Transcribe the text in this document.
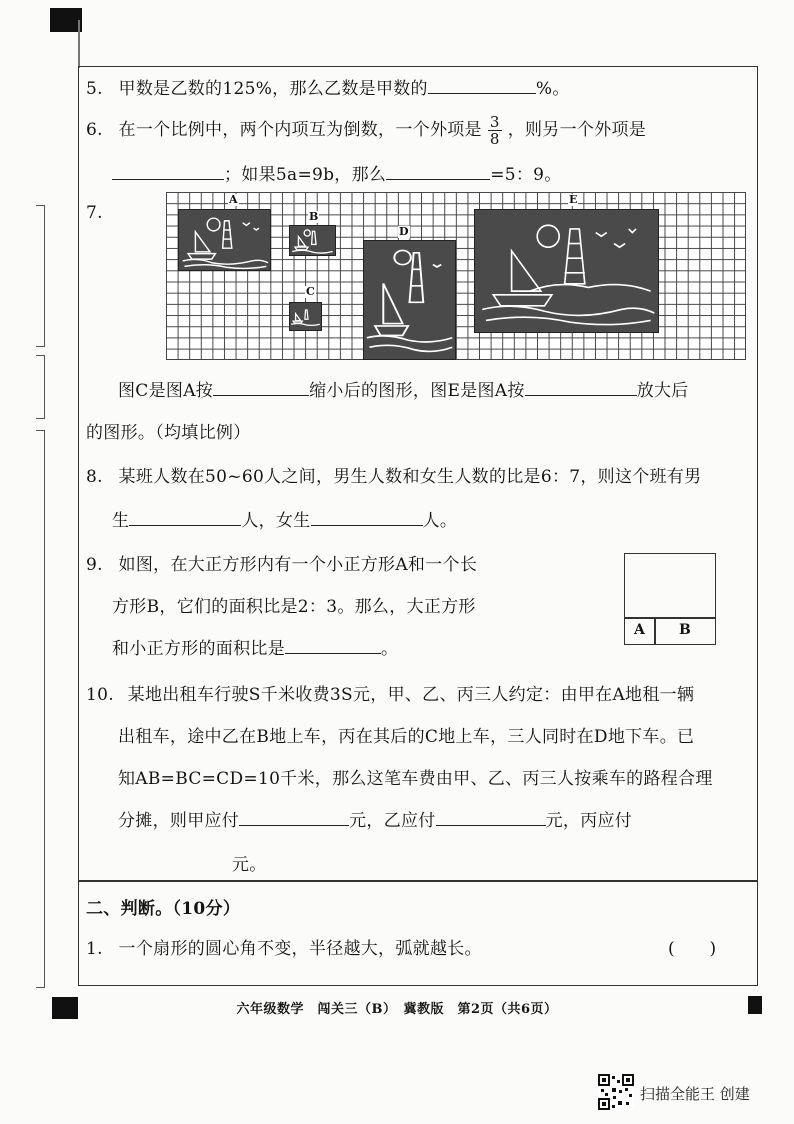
5. 甲数是乙数的125%，那么乙数是甲数的	%。
6. 在一个比例中，两个内项互为倒数，一个外项是 $\frac{3}{8}$ ，则另一个外项是
；如果5a=9b，那么	=5：9。
7.
A
B
C
D
E
图C是图A按	缩小后的图形，图E是图A按	放大后
的图形。（均填比例）
8. 某班人数在50~60人之间，男生人数和女生人数的比是6：7，则这个班有男
生	人，女生	人。
9. 如图，在大正方形内有一个小正方形A和一个长
方形B，它们的面积比是2：3。那么，大正方形
和小正方形的面积比是	。
A B
10. 某地出租车行驶S千米收费3S元，甲、乙、丙三人约定：由甲在A地租一辆
出租车，途中乙在B地上车，丙在其后的C地上车，三人同时在D地下车。已
知AB=BC=CD=10千米，那么这笔车费由甲、乙、丙三人按乘车的路程合理
分摊，则甲应付	元，乙应付	元，丙应付
元。
二、判断。（10分）
1. 一个扇形的圆心角不变，半径越大，弧就越长。	(　　)
六年级数学　闯关三（B）　冀教版　第2页（共6页）
扫描全能王 创建
